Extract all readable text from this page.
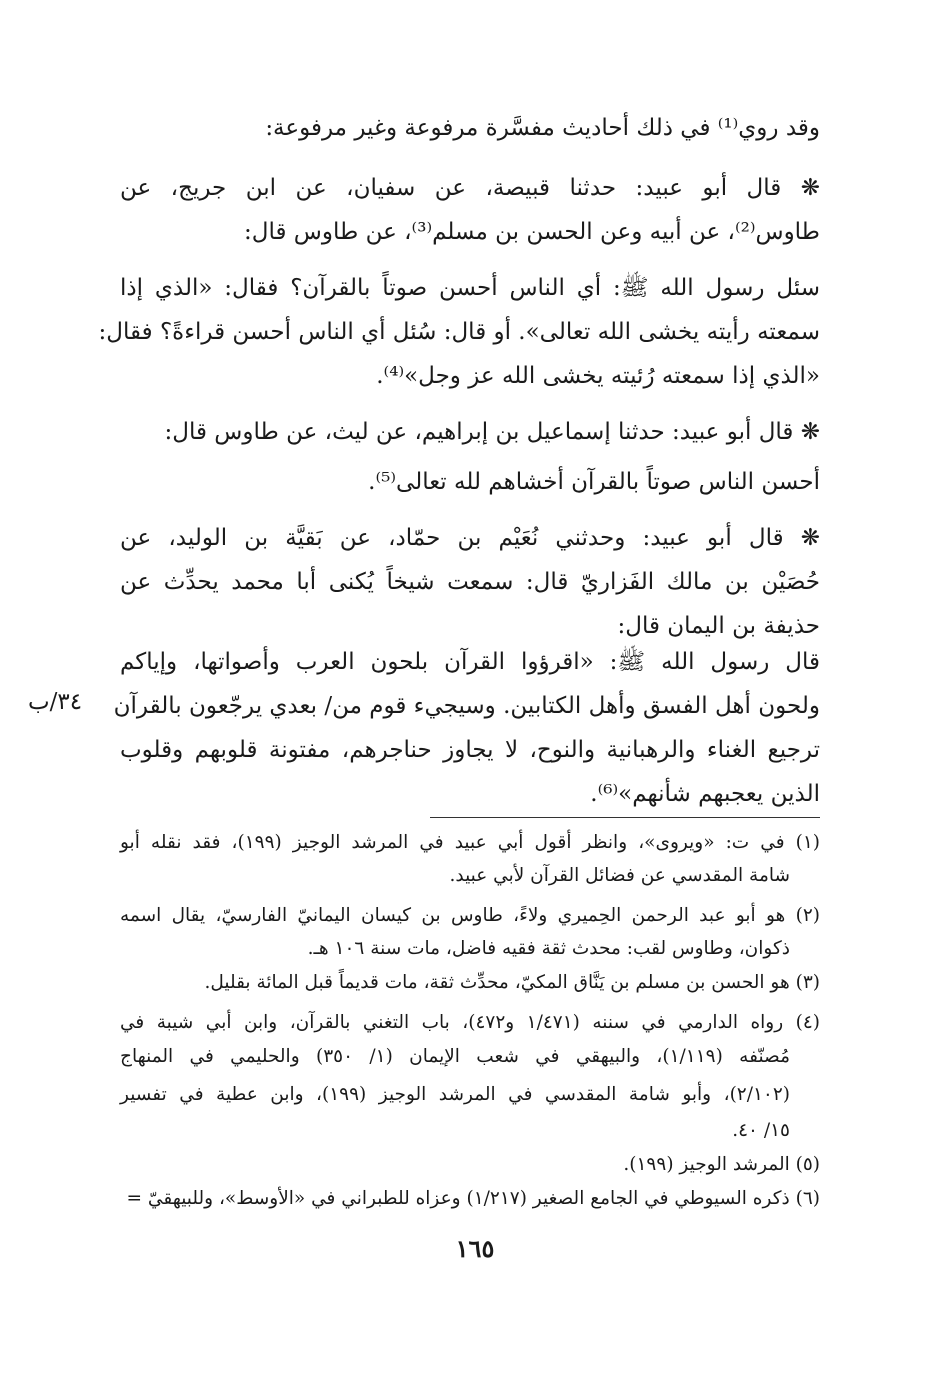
وقد روي⁽¹⁾ في ذلك أحاديث مفسَّرة مرفوعة وغير مرفوعة:
❋ قال أبو عبيد: حدثنا قبيصة، عن سفيان، عن ابن جريج، عن
طاوس⁽²⁾، عن أبيه وعن الحسن بن مسلم⁽³⁾، عن طاوس قال:
سئل رسول الله ﷺ: أي الناس أحسن صوتاً بالقرآن؟ فقال: «الذي إذا
سمعته رأيته يخشى الله تعالى». أو قال: سُئل أي الناس أحسن قراءةً؟ فقال:
«الذي إذا سمعته رُئيته يخشى الله عز وجل»⁽⁴⁾.
❋ قال أبو عبيد: حدثنا إسماعيل بن إبراهيم، عن ليث، عن طاوس قال:
أحسن الناس صوتاً بالقرآن أخشاهم لله تعالى⁽⁵⁾.
❋ قال أبو عبيد: وحدثني نُعَيْم بن حمّاد، عن بَقيَّة بن الوليد، عن
حُصَيْن بن مالك الفَزاريّ قال: سمعت شيخاً يُكنى أبا محمد يحدِّث عن
حذيفة بن اليمان قال:
قال رسول الله ﷺ: «اقرؤوا القرآن بلحون العرب وأصواتها، وإياكم
ولحون أهل الفسق وأهل الكتابين. وسيجيء قوم من/ بعدي يرجّعون بالقرآن
ترجيع الغناء والرهبانية والنوح، لا يجاوز حناجرهم، مفتونة قلوبهم وقلوب
الذين يعجبهم شأنهم»⁽⁶⁾.
٣٤/ب
(١) في ت: «ويروى»، وانظر أقول أبي عبيد في المرشد الوجيز (١٩٩)، فقد نقله أبو
شامة المقدسي عن فضائل القرآن لأبي عبيد.
(٢) هو أبو عبد الرحمن الحِميري ولاءً، طاوس بن كيسان اليمانيّ الفارسيّ، يقال اسمه
ذكوان، وطاوس لقب: محدث ثقة فقيه فاضل، مات سنة ١٠٦ هـ.
(٣) هو الحسن بن مسلم بن يَنَّاق المكيّ، محدِّث ثقة، مات قديماً قبل المائة بقليل.
(٤) رواه الدارمي في سننه (١/٤٧١ و٤٧٢)، باب التغني بالقرآن، وابن أبي شيبة في
مُصنّفه (١/١١٩)، والبيهقي في شعب الإيمان (١/ ٣٥٠) والحليمي في المنهاج
(٢/١٠٢)، وأبو شامة المقدسي في المرشد الوجيز (١٩٩)، وابن عطية في تفسير
١٥/ ٤٠.
(٥) المرشد الوجيز (١٩٩).
(٦) ذكره السيوطي في الجامع الصغير (١/٢١٧) وعزاه للطبراني في «الأوسط»، وللبيهقيّ =
١٦٥
